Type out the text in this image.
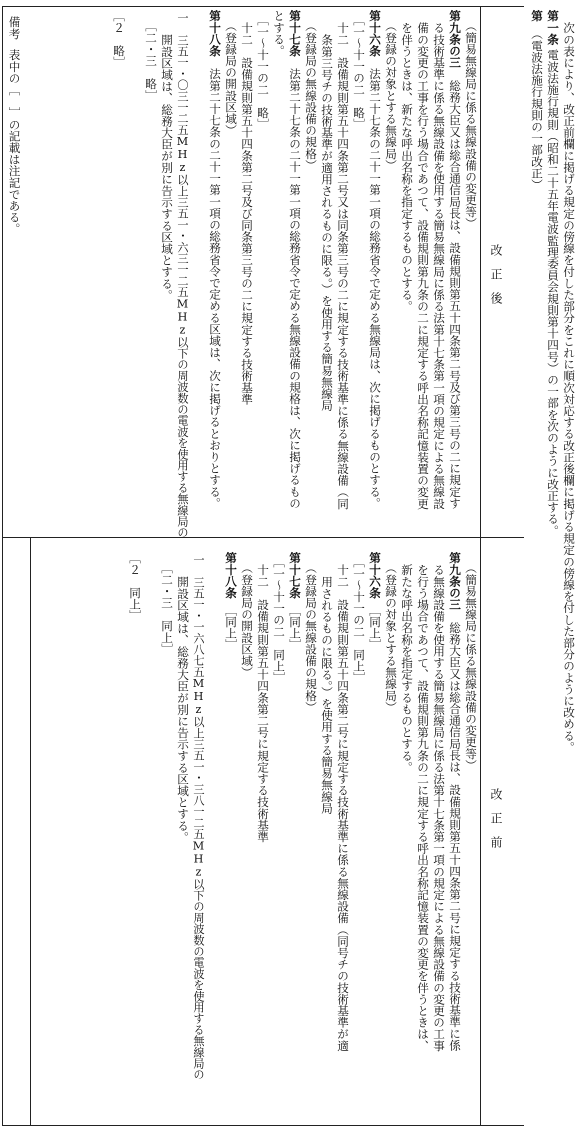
第（電波法施行規則の一部改正）
第一条電波法施行規則（昭和二十五年電波監理委員会規則第十四号）の一部を次のように改正する。 次の表により、改正前欄に掲げる規定の傍線を付した部分をこれに順次対応する改正後欄に掲げる規定の傍線を付した部分のように改める。
改　正　後
改　正　前
（簡易無線局に係る無線設備の変更等）
第九条の三　総務大臣又は総合通信局長は、設備規則第五十四条第二号及び第三号の二に規定す
る技術基準に係る無線設備を使用する簡易無線局に係る法第十七条第一項の規定による無線設
備の変更の工事を行う場合であつて、設備規則第九条の二に規定する呼出名称記憶装置の変更
を伴うときは、新たな呼出名称を指定するものとする。
（登録の対象とする無線局）
第十六条　法第二十七条の二十一第一項の総務省令で定める無線局は、次に掲げるものとする。
［一～十一の二　略］
十二　設備規則第五十四条第二号又は同条第三号の二に規定する技術基準に係る無線設備（同
条第三号チの技術基準が適用されるものに限る。）を使用する簡易無線局
（登録局の無線設備の規格）
第十七条　法第二十七条の二十一第一項の総務省令で定める無線設備の規格は、次に掲げるもの
とする。
［一～十一の二　略］
十二　設備規則第五十四条第二号及び同条第三号の二に規定する技術基準
（登録局の開設区域）
第十八条　法第二十七条の二十一第一項の総務省令で定める区域は、次に掲げるとおりとする。
一　三五一・〇三一二五MHz以上三五一・六三一二五MHz以下の周波数の電波を使用する無線局の
開設区域は、総務大臣が別に告示する区域とする。
［二・三　略］
［２　略］
（簡易無線局に係る無線設備の変更等）
第九条の三　総務大臣又は総合通信局長は、設備規則第五十四条第二号に規定する技術基準に係
る無線設備を使用する簡易無線局に係る法第十七条第一項の規定による無線設備の変更の工事
を行う場合であつて、設備規則第九条の二に規定する呼出名称記憶装置の変更を伴うときは、
新たな呼出名称を指定するものとする。
（登録の対象とする無線局）
第十六条　［同上］
［一～十一の二　同上］
十二　設備規則第五十四条第二号に規定する技術基準に係る無線設備（同号チの技術基準が適
用されるものに限る。）を使用する簡易無線局
（登録局の無線設備の規格）
第十七条　［同上］
［一～十一の二　同上］
十二　設備規則第五十四条第二号に規定する技術基準
（登録局の開設区域）
第十八条　［同上］
一　三五一・一六八七五MHz以上三五一・三八一二五MHz以下の周波数の電波を使用する無線局の
開設区域は、総務大臣が別に告示する区域とする。
［二・三　同上］
［２　同上］
備考表中の［　］の記載は注記である。
